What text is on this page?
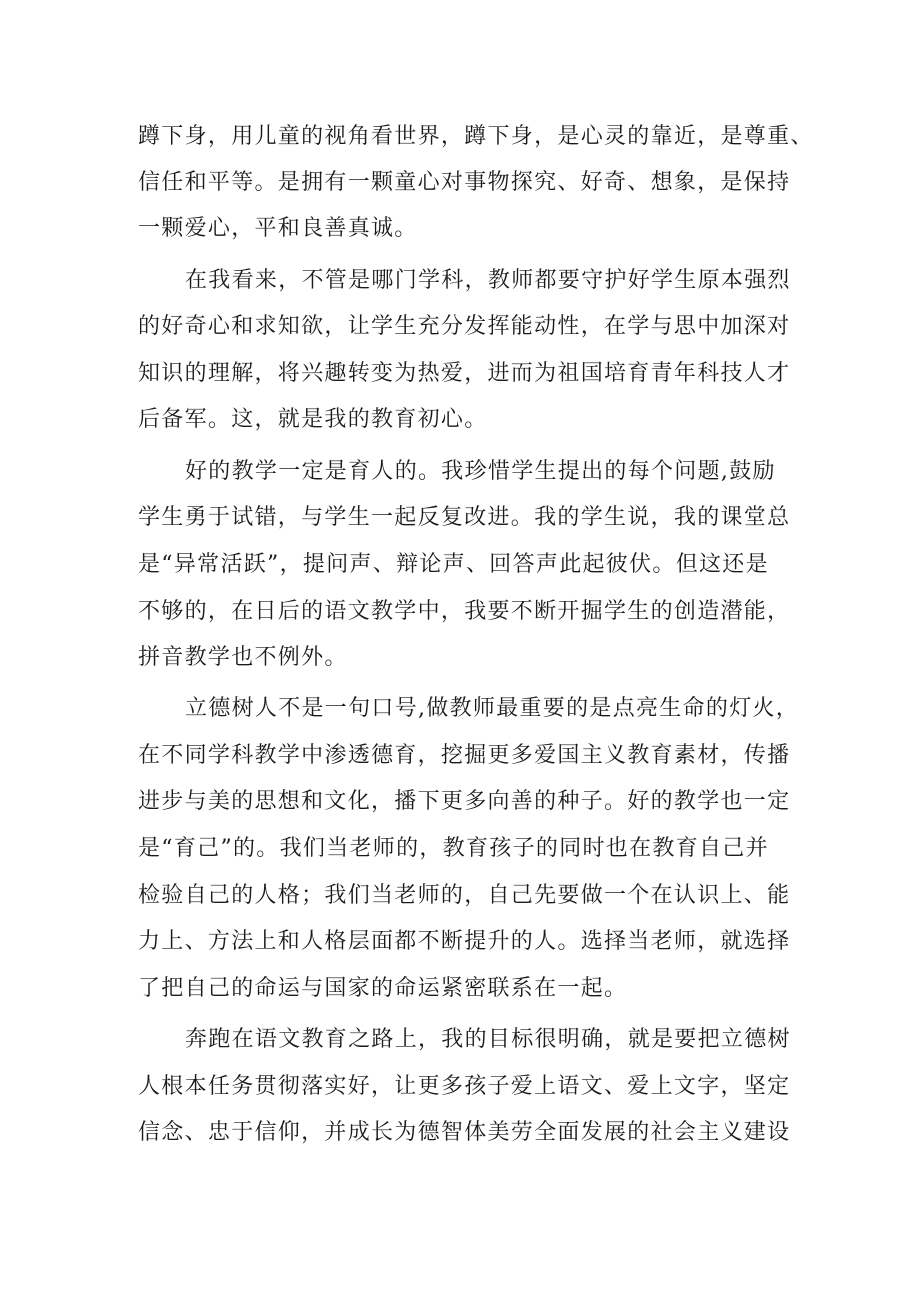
蹲下身，用儿童的视角看世界，蹲下身，是心灵的靠近，是尊重、
信任和平等。是拥有一颗童心对事物探究、好奇、想象，是保持
一颗爱心，平和良善真诚。
在我看来，不管是哪门学科，教师都要守护好学生原本强烈
的好奇心和求知欲，让学生充分发挥能动性，在学与思中加深对
知识的理解，将兴趣转变为热爱，进而为祖国培育青年科技人才
后备军。这，就是我的教育初心。
好的教学一定是育人的。我珍惜学生提出的每个问题,鼓励
学生勇于试错，与学生一起反复改进。我的学生说，我的课堂总
是“异常活跃”，提问声、辩论声、回答声此起彼伏。但这还是
不够的，在日后的语文教学中，我要不断开掘学生的创造潜能，
拼音教学也不例外。
立德树人不是一句口号,做教师最重要的是点亮生命的灯火，
在不同学科教学中渗透德育，挖掘更多爱国主义教育素材，传播
进步与美的思想和文化，播下更多向善的种子。好的教学也一定
是“育己”的。我们当老师的，教育孩子的同时也在教育自己并
检验自己的人格；我们当老师的，自己先要做一个在认识上、能
力上、方法上和人格层面都不断提升的人。选择当老师，就选择
了把自己的命运与国家的命运紧密联系在一起。
奔跑在语文教育之路上，我的目标很明确，就是要把立德树
人根本任务贯彻落实好，让更多孩子爱上语文、爱上文字，坚定
信念、忠于信仰，并成长为德智体美劳全面发展的社会主义建设
